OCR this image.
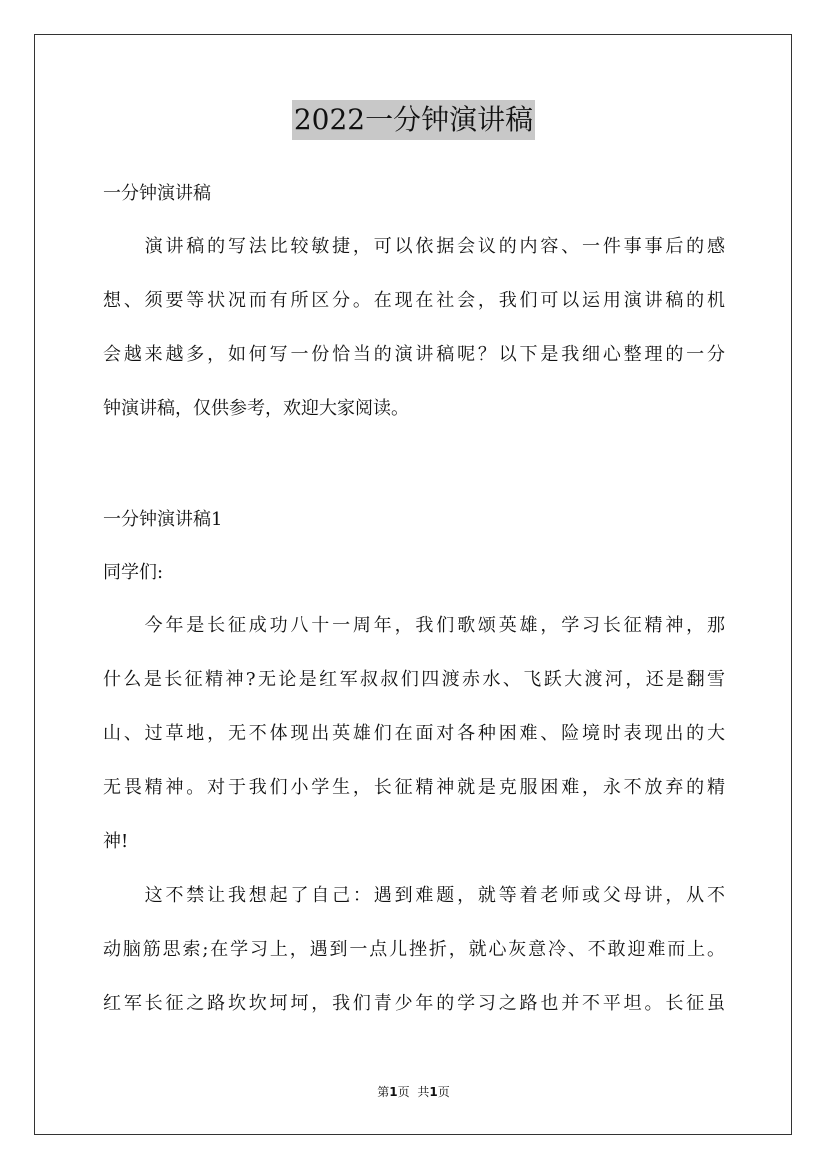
2022一分钟演讲稿
一分钟演讲稿
　　演讲稿的写法比较敏捷，可以依据会议的内容、一件事事后的感
想、须要等状况而有所区分。在现在社会，我们可以运用演讲稿的机
会越来越多，如何写一份恰当的演讲稿呢？以下是我细心整理的一分
钟演讲稿，仅供参考，欢迎大家阅读。
一分钟演讲稿1
同学们:
　　今年是长征成功八十一周年，我们歌颂英雄，学习长征精神，那
什么是长征精神?无论是红军叔叔们四渡赤水、飞跃大渡河，还是翻雪
山、过草地，无不体现出英雄们在面对各种困难、险境时表现出的大
无畏精神。对于我们小学生，长征精神就是克服困难，永不放弃的精
神!
　　这不禁让我想起了自己：遇到难题，就等着老师或父母讲，从不
动脑筋思索;在学习上，遇到一点儿挫折，就心灰意冷、不敢迎难而上。
红军长征之路坎坎坷坷，我们青少年的学习之路也并不平坦。长征虽
第1页 共1页
